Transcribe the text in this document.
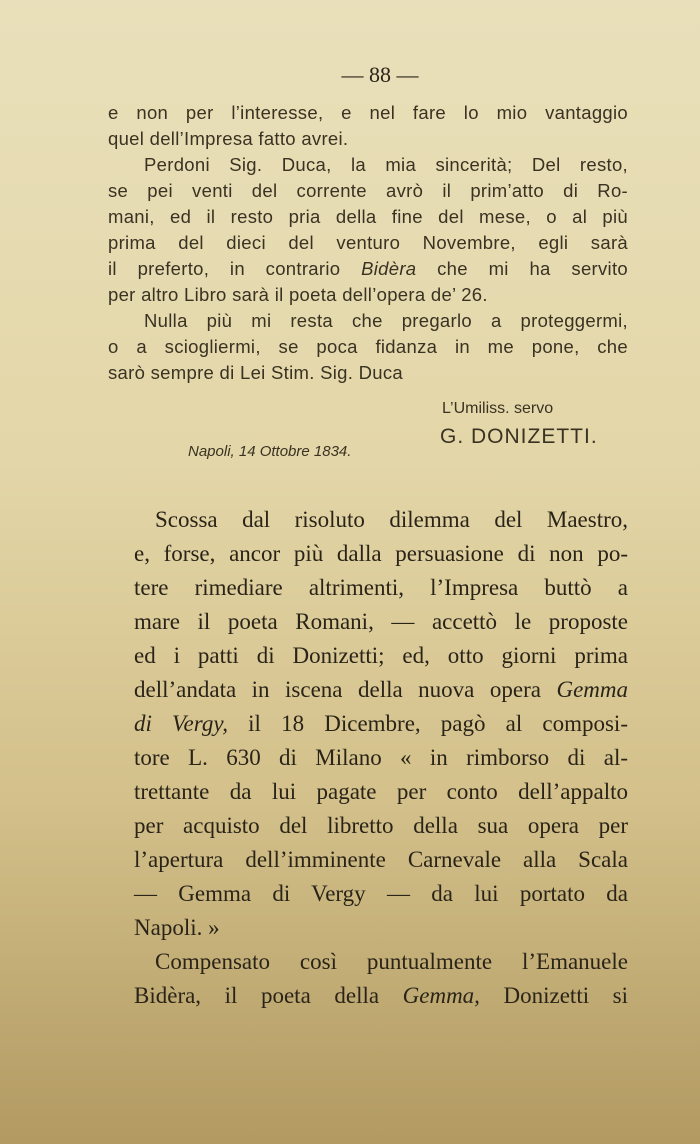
— 88 —
e non per l’interesse, e nel fare lo mio vantaggio
quel dell’Impresa fatto avrei.
Perdoni Sig. Duca, la mia sincerità; Del resto,
se pei venti del corrente avrò il prim’atto di Ro-
mani, ed il resto pria della fine del mese, o al più
prima del dieci del venturo Novembre, egli sarà
il preferto, in contrario Bidèra che mi ha servito
per altro Libro sarà il poeta dell’opera de’ 26.
Nulla più mi resta che pregarlo a proteggermi,
o a sciogliermi, se poca fidanza in me pone, che
sarò sempre di Lei Stim. Sig. Duca
L’Umiliss. servo
G. DONIZETTI.
Napoli, 14 Ottobre 1834.
Scossa dal risoluto dilemma del Maestro,
e, forse, ancor più dalla persuasione di non po-
tere rimediare altrimenti, l’Impresa buttò a
mare il poeta Romani, — accettò le proposte
ed i patti di Donizetti; ed, otto giorni prima
dell’andata in iscena della nuova opera Gemma
di Vergy, il 18 Dicembre, pagò al composi-
tore L. 630 di Milano « in rimborso di al-
trettante da lui pagate per conto dell’appalto
per acquisto del libretto della sua opera per
l’apertura dell’imminente Carnevale alla Scala
— Gemma di Vergy — da lui portato da
Napoli. »
Compensato così puntualmente l’Emanuele
Bidèra, il poeta della Gemma, Donizetti si
